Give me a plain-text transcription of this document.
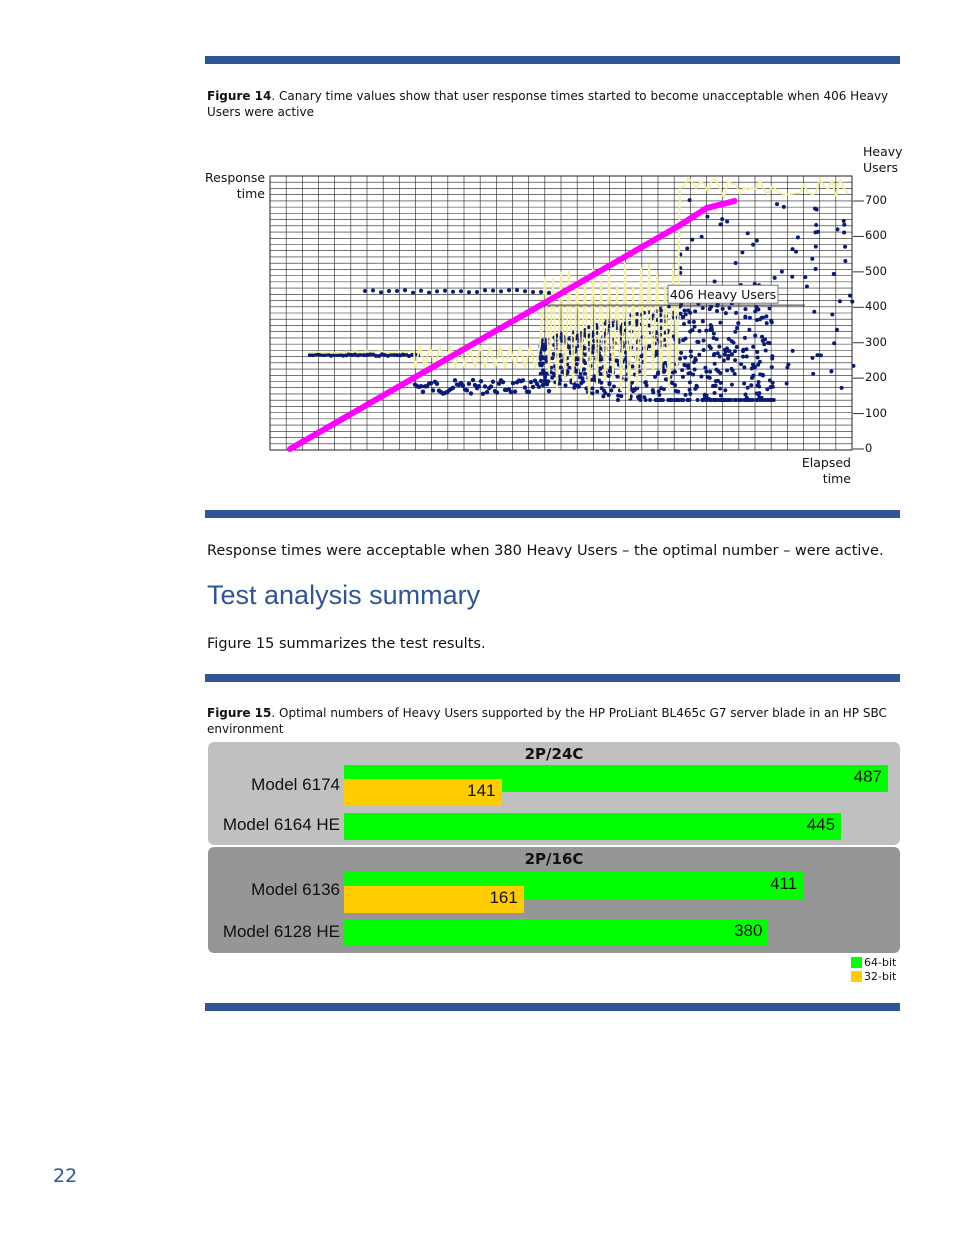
Figure 14. Canary time values show that user response times started to become unacceptable when 406 Heavy Users were active
406 Heavy Users
Response
time
Heavy
Users
Elapsed
time
0
100
200
300
400
500
600
700
Response times were acceptable when 380 Heavy Users – the optimal number – were active.
Test analysis summary
Figure 15 summarizes the test results.
Figure 15. Optimal numbers of Heavy Users supported by the HP ProLiant BL465c G7 server blade in an HP SBC environment
2P/24C
2P/16C
Model 6174
Model 6164 HE
Model 6136
Model 6128 HE
487
141
445
411
161
380
64-bit
32-bit
22
